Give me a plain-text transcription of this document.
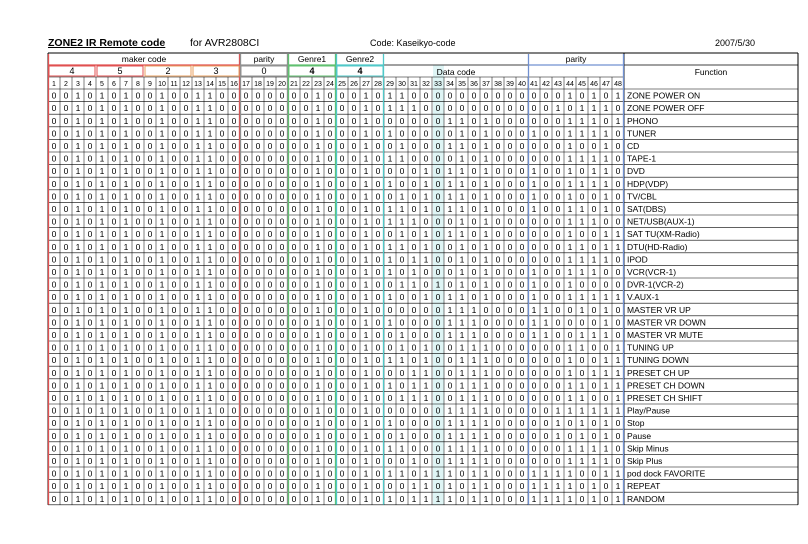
ZONE2 IR Remote code for AVR2808CI	Code: Kaseikyo-code	2007/5/30
maker code	parity	Genre1 Genre2
Data code
parity
Function
4	5	2	3	0	4	4
1 2 3 4 5 6 7 8 9 10 11 12 13 14 15 16 17 18 19 20 21 22 23 24 25 26 27 28 29 30 31 32 33 34 35 36 37 38 39 40 41 42 43 44 45 46 47 48
0 0 1 0 1 0 1 0 0 1 0 0 1 1 0 0 0 0 0 0 0 0 1 0 0 0 1 0 1 1 0 0 0 0 0 0 0 0 0 0 0 0 0 1 0 1 0 1 ZONE POWER ON
0 0 1 0 1 0 1 0 0 1 0 0 1 1 0 0 0 0 0 0 0 0 1 0 0 0 1 0 1 1 1 0 0 0 0 0 0 0 0 0 0 0 1 0 1 1 1 0 ZONE POWER OFF
0 0 1 0 1 0 1 0 0 1 0 0 1 1 0 0 0 0 0 0 0 0 1 0 0 0 1 0 0 0 0 0 0 1 1 0 1 0 0 0 0 0 0 1 1 1 0 1 PHONO
0 0 1 0 1 0 1 0 0 1 0 0 1 1 0 0 0 0 0 0 0 0 1 0 0 0 1 0 1 0 0 0 0 0 1 0 1 0 0 0 1 0 0 1 1 1 1 0 TUNER
0 0 1 0 1 0 1 0 0 1 0 0 1 1 0 0 0 0 0 0 0 0 1 0 0 0 1 0 0 1 0 0 0 1 1 0 1 0 0 0 0 0 0 1 0 0 1 0 CD
0 0 1 0 1 0 1 0 0 1 0 0 1 1 0 0 0 0 0 0 0 0 1 0 0 0 1 0 1 1 0 0 0 0 1 0 1 0 0 0 0 0 0 1 1 1 1 0 TAPE-1
0 0 1 0 1 0 1 0 0 1 0 0 1 1 0 0 0 0 0 0 0 0 1 0 0 0 1 0 0 0 0 1 0 1 1 0 1 0 0 0 1 0 0 1 0 1 1 0 DVD
0 0 1 0 1 0 1 0 0 1 0 0 1 1 0 0 0 0 0 0 0 0 1 0 0 0 1 0 1 0 0 1 0 1 1 0 1 0 0 0 1 0 0 1 1 1 1 0 HDP(VDP)
0 0 1 0 1 0 1 0 0 1 0 0 1 1 0 0 0 0 0 0 0 0 1 0 0 0 1 0 0 1 0 1 0 1 1 0 1 0 0 0 1 0 0 1 0 0 1 0 TV/CBL
0 0 1 0 1 0 1 0 0 1 0 0 1 1 0 0 0 0 0 0 0 0 1 0 0 0 1 0 1 1 0 1 0 1 1 0 1 0 0 0 1 0 0 1 1 0 1 0 SAT(DBS)
0 0 1 0 1 0 1 0 0 1 0 0 1 1 0 0 0 0 0 0 0 0 1 0 0 0 1 0 1 1 1 0 0 0 1 0 1 0 0 0 0 0 0 1 1 1 0 0 NET/USB(AUX-1)
0 0 1 0 1 0 1 0 0 1 0 0 1 1 0 0 0 0 0 0 0 0 1 0 0 0 1 0 0 1 0 1 0 1 1 0 1 0 0 0 0 0 0 1 0 0 1 1 SAT TU(XM-Radio)
0 0 1 0 1 0 1 0 0 1 0 0 1 1 0 0 0 0 0 0 0 0 1 0 0 0 1 0 1 1 0 1 0 0 1 0 1 0 0 0 0 0 0 1 1 0 1 1 DTU(HD-Radio)
0 0 1 0 1 0 1 0 0 1 0 0 1 1 0 0 0 0 0 0 0 0 1 0 0 0 1 0 1 0 1 1 0 0 1 0 1 0 0 0 0 0 0 1 1 1 1 0 IPOD
0 0 1 0 1 0 1 0 0 1 0 0 1 1 0 0 0 0 0 0 0 0 1 0 0 0 1 0 1 0 1 0 0 0 1 0 1 0 0 0 1 0 0 1 1 1 0 0 VCR(VCR-1)
0 0 1 0 1 0 1 0 0 1 0 0 1 1 0 0 0 0 0 0 0 0 1 0 0 0 1 0 0 1 1 0 1 0 1 0 1 0 0 0 1 0 0 1 0 0 0 0 DVR-1(VCR-2)
0 0 1 0 1 0 1 0 0 1 0 0 1 1 0 0 0 0 0 0 0 0 1 0 0 0 1 0 1 0 0 1 0 1 1 0 1 0 0 0 1 0 0 1 1 1 1 1 V.AUX-1
0 0 1 0 1 0 1 0 0 1 0 0 1 1 0 0 0 0 0 0 0 0 1 0 0 0 1 0 0 0 0 0 0 1 1 1 0 0 0 0 1 1 0 0 1 0 1 0 MASTER VR UP
0 0 1 0 1 0 1 0 0 1 0 0 1 1 0 0 0 0 0 0 0 0 1 0 0 0 1 0 1 0 0 0 0 1 1 1 0 0 0 0 1 1 0 0 0 0 1 0 MASTER VR DOWN
0 0 1 0 1 0 1 0 0 1 0 0 1 1 0 0 0 0 0 0 0 0 1 0 0 0 1 0 0 1 0 0 0 1 1 1 0 0 0 0 1 1 0 0 1 1 1 0 MASTER VR MUTE
0 0 1 0 1 0 1 0 0 1 0 0 1 1 0 0 0 0 0 0 0 0 1 0 0 0 1 0 0 1 0 1 0 0 1 1 1 0 0 0 0 0 0 1 1 0 0 1 TUNING UP
0 0 1 0 1 0 1 0 0 1 0 0 1 1 0 0 0 0 0 0 0 0 1 0 0 0 1 0 1 1 0 1 0 0 1 1 1 0 0 0 0 0 0 1 0 0 1 1 TUNING DOWN
0 0 1 0 1 0 1 0 0 1 0 0 1 1 0 0 0 0 0 0 0 0 1 0 0 0 1 0 0 0 1 1 0 0 1 1 1 0 0 0 0 0 0 1 0 1 1 1 PRESET CH UP
0 0 1 0 1 0 1 0 0 1 0 0 1 1 0 0 0 0 0 0 0 0 1 0 0 0 1 0 1 0 1 1 0 0 1 1 1 0 0 0 0 0 0 1 1 0 1 1 PRESET CH DOWN
0 0 1 0 1 0 1 0 0 1 0 0 1 1 0 0 0 0 0 0 0 0 1 0 0 0 1 0 0 1 1 1 0 0 1 1 1 0 0 0 0 0 0 1 1 0 0 1 PRESET CH SHIFT
0 0 1 0 1 0 1 0 0 1 0 0 1 1 0 0 0 0 0 0 0 0 1 0 0 0 1 0 0 0 0 0 0 1 1 1 1 0 0 0 0 0 1 1 1 1 1 1 Play/Pause
0 0 1 0 1 0 1 0 0 1 0 0 1 1 0 0 0 0 0 0 0 0 1 0 0 0 1 0 1 0 0 0 0 1 1 1 1 0 0 0 0 0 1 0 1 0 1 0 Stop
0 0 1 0 1 0 1 0 0 1 0 0 1 1 0 0 0 0 0 0 0 0 1 0 0 0 1 0 0 1 0 0 0 1 1 1 1 0 0 0 0 0 1 0 1 0 1 0 Pause
0 0 1 0 1 0 1 0 0 1 0 0 1 1 0 0 0 0 0 0 0 0 1 0 0 0 1 0 1 1 0 0 0 1 1 1 1 0 0 0 0 0 0 1 1 1 1 0 Skip Minus
0 0 1 0 1 0 1 0 0 1 0 0 1 1 0 0 0 0 0 0 0 0 1 0 0 0 1 0 0 0 1 0 0 1 1 1 1 0 0 0 0 0 0 1 1 1 1 0 Skip Plus
0 0 1 0 1 0 1 0 0 1 0 0 1 1 0 0 0 0 0 0 0 0 1 0 0 0 1 0 1 1 0 1 1 1 0 1 1 0 0 0 1 1 1 1 0 0 1 1 pod dock FAVORITE
0 0 1 0 1 0 1 0 0 1 0 0 1 1 0 0 0 0 0 0 0 0 1 0 0 0 1 0 0 0 1 1 0 1 0 1 1 0 0 0 1 1 1 1 0 1 0 1 REPEAT
0 0 1 0 1 0 1 0 0 1 0 0 1 1 0 0 0 0 0 0 0 0 1 0 0 0 1 0 1 0 1 1 1 1 0 1 1 0 0 0 1 1 1 1 0 1 0 1 RANDOM
